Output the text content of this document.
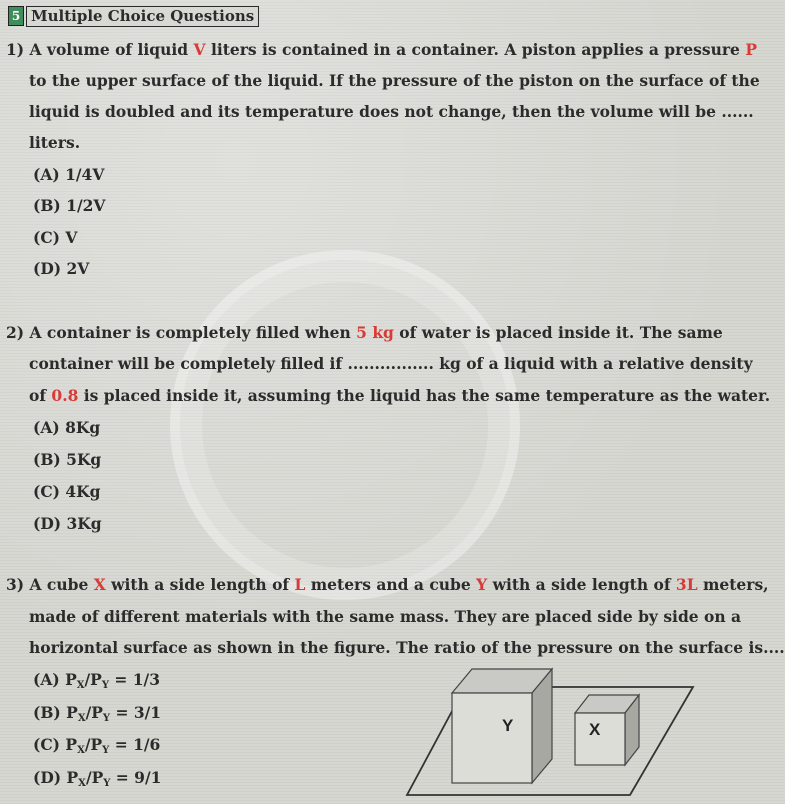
5 Multiple Choice Questions
1) A volume of liquid V liters is contained in a container. A piston applies a pressure P
to the upper surface of the liquid. If the pressure of the piston on the surface of the
liquid is doubled and its temperature does not change, then the volume will be ......
liters.
(A) 1/4V
(B) 1/2V
(C) V
(D) 2V
2) A container is completely filled when 5 kg of water is placed inside it. The same
container will be completely filled if ................ kg of a liquid with a relative density
of 0.8 is placed inside it, assuming the liquid has the same temperature as the water.
(A) 8Kg
(B) 5Kg
(C) 4Kg
(D) 3Kg
3) A cube X with a side length of L meters and a cube Y with a side length of 3L meters,
made of different materials with the same mass. They are placed side by side on a
horizontal surface as shown in the figure. The ratio of the pressure on the surface is....
(A) $P_X/P_Y = 1/3$
(B) $P_X/P_Y = 3/1$
(C) $P_X/P_Y = 1/6$
(D) $P_X/P_Y = 9/1$
Y	X
